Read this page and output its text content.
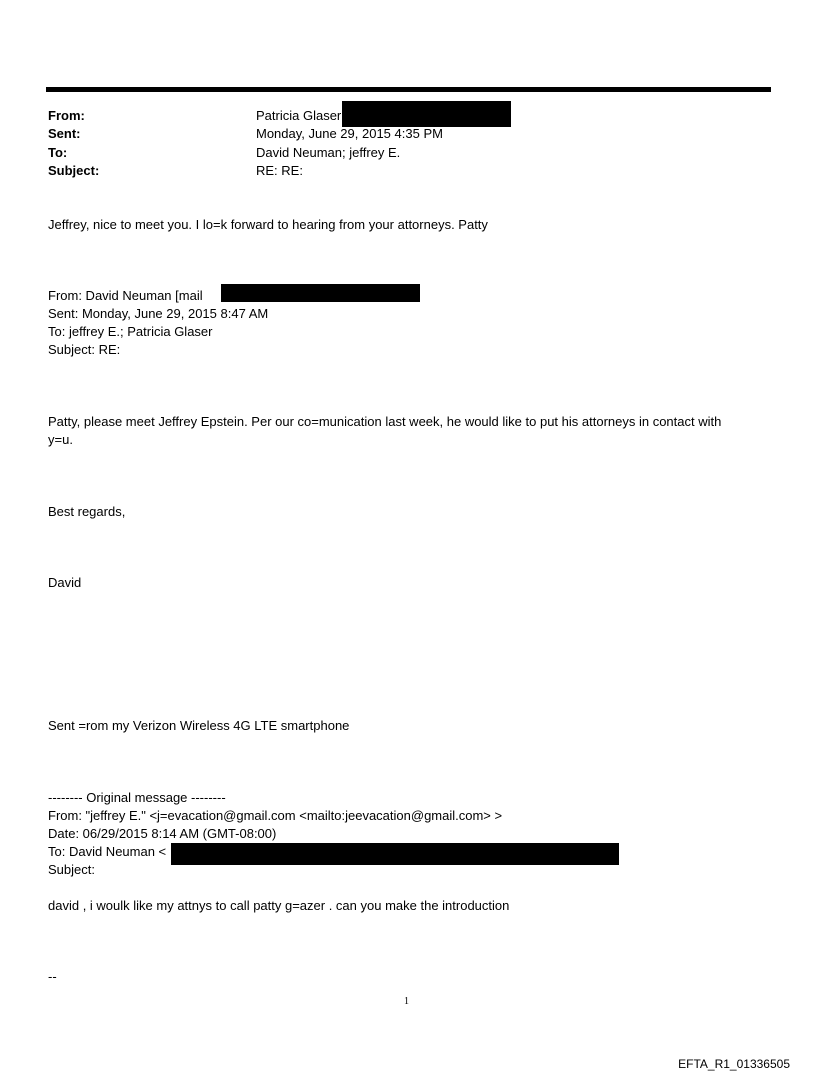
From:	Patricia Glaser
Sent:	Monday, June 29, 2015 4:35 PM
To:	David Neuman; jeffrey E.
Subject:	RE: RE:
Jeffrey, nice to meet you. I lo=k forward to hearing from your attorneys. Patty
From: David Neuman [mail
Sent: Monday, June 29, 2015 8:47 AM
To: jeffrey E.; Patricia Glaser
Subject: RE:
Patty, please meet Jeffrey Epstein. Per our co=munication last week, he would like to put his attorneys in contact with
y=u.
Best regards,
David
Sent =rom my Verizon Wireless 4G LTE smartphone
-------- Original message --------
From: "jeffrey E." <j=evacation@gmail.com <mailto:jeevacation@gmail.com> >
Date: 06/29/2015 8:14 AM (GMT-08:00)
To: David Neuman <
Subject:
david , i woulk like my attnys to call patty g=azer . can you make the introduction
--
1
EFTA_R1_01336505
